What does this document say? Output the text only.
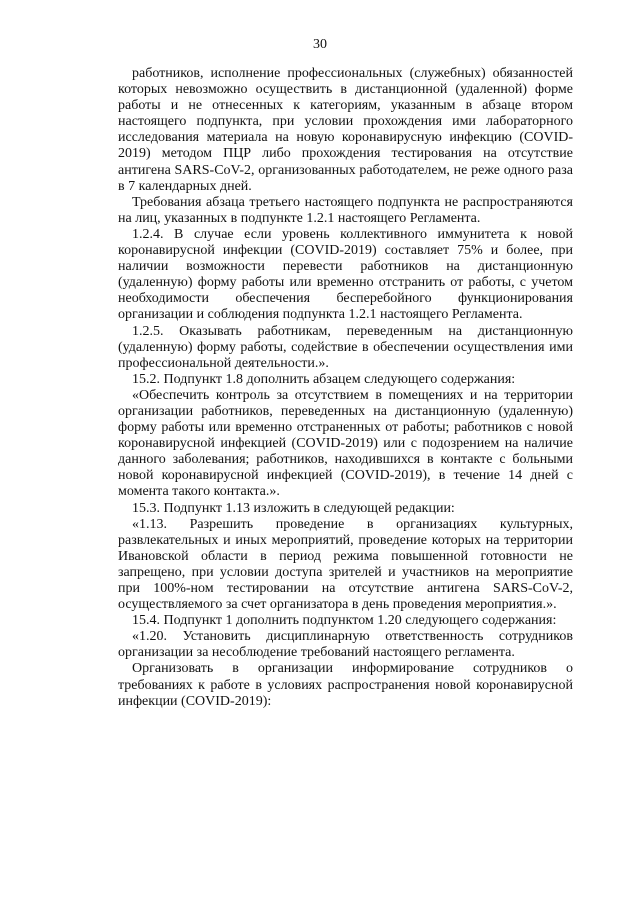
30

работников, исполнение профессиональных (служебных) обязанностей которых невозможно осуществить в дистанционной (удаленной) форме работы и не отнесенных к категориям, указанным в абзаце втором настоящего подпункта, при условии прохождения ими лабораторного исследования материала на новую коронавирусную инфекцию (COVID-2019) методом ПЦР либо прохождения тестирования на отсутствие антигена SARS-CoV-2, организованных работодателем, не реже одного раза в 7 календарных дней.

Требования абзаца третьего настоящего подпункта не распространяются на лиц, указанных в подпункте 1.2.1 настоящего Регламента.

1.2.4. В случае если уровень коллективного иммунитета к новой коронавирусной инфекции (COVID-2019) составляет 75% и более, при наличии возможности перевести работников на дистанционную (удаленную) форму работы или временно отстранить от работы, с учетом необходимости обеспечения бесперебойного функционирования организации и соблюдения подпункта 1.2.1 настоящего Регламента.

1.2.5. Оказывать работникам, переведенным на дистанционную (удаленную) форму работы, содействие в обеспечении осуществления ими профессиональной деятельности.».

15.2. Подпункт 1.8 дополнить абзацем следующего содержания:

«Обеспечить контроль за отсутствием в помещениях и на территории организации работников, переведенных на дистанционную (удаленную) форму работы или временно отстраненных от работы; работников с новой коронавирусной инфекцией (COVID-2019) или с подозрением на наличие данного заболевания; работников, находившихся в контакте с больными новой коронавирусной инфекцией (COVID-2019), в течение 14 дней с момента такого контакта.».

15.3. Подпункт 1.13 изложить в следующей редакции:

«1.13. Разрешить проведение в организациях культурных, развлекательных и иных мероприятий, проведение которых на территории Ивановской области в период режима повышенной готовности не запрещено, при условии доступа зрителей и участников на мероприятие при 100%-ном тестировании на отсутствие антигена SARS-CoV-2, осуществляемого за счет организатора в день проведения мероприятия.».

15.4. Подпункт 1 дополнить подпунктом 1.20 следующего содержания:

«1.20. Установить дисциплинарную ответственность сотрудников организации за несоблюдение требований настоящего регламента.

Организовать в организации информирование сотрудников о требованиях к работе в условиях распространения новой коронавирусной инфекции (COVID-2019):
